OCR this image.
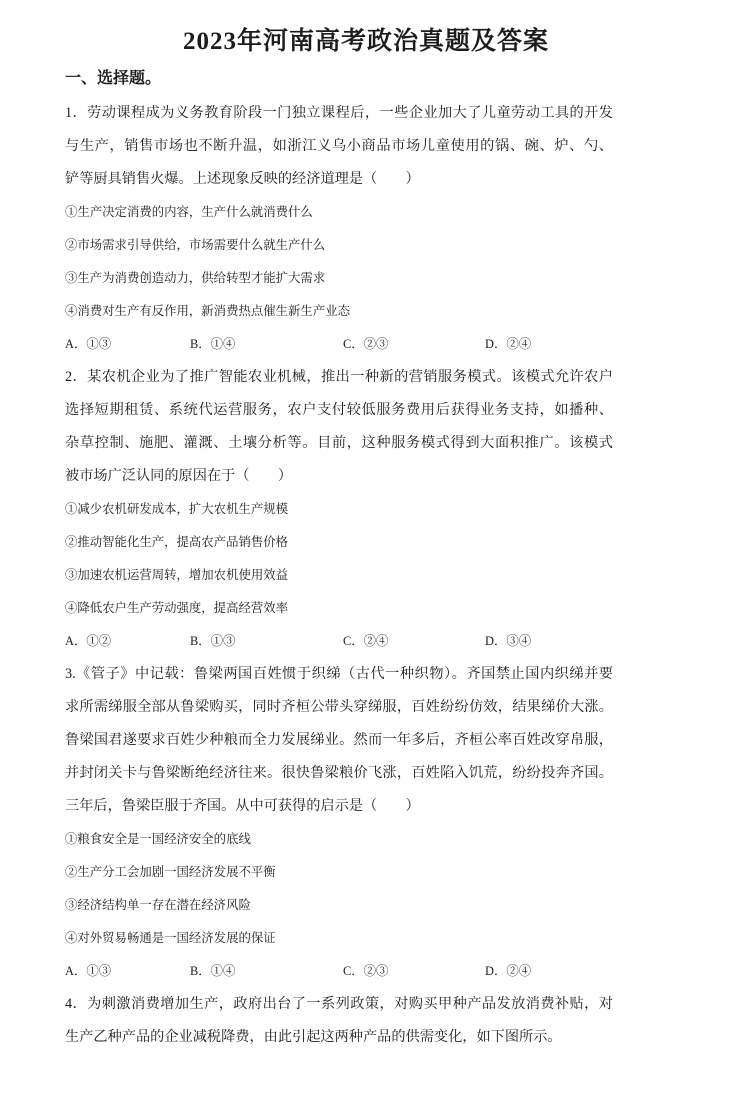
2023年河南高考政治真题及答案
一、选择题。
1．劳动课程成为义务教育阶段一门独立课程后，一些企业加大了儿童劳动工具的开发
与生产，销售市场也不断升温，如浙江义乌小商品市场儿童使用的锅、碗、炉、勺、
铲等厨具销售火爆。上述现象反映的经济道理是（　　）
①生产决定消费的内容，生产什么就消费什么
②市场需求引导供给，市场需要什么就生产什么
③生产为消费创造动力，供给转型才能扩大需求
④消费对生产有反作用，新消费热点催生新生产业态
A．①③	B．①④	C．②③	D．②④
2．某农机企业为了推广智能农业机械，推出一种新的营销服务模式。该模式允许农户
选择短期租赁、系统代运营服务，农户支付较低服务费用后获得业务支持，如播种、
杂草控制、施肥、灌溉、土壤分析等。目前，这种服务模式得到大面积推广。该模式
被市场广泛认同的原因在于（　　）
①减少农机研发成本，扩大农机生产规模
②推动智能化生产，提高农产品销售价格
③加速农机运营周转，增加农机使用效益
④降低农户生产劳动强度，提高经营效率
A．①②	B．①③	C．②④	D．③④
3.《管子》中记载：鲁梁两国百姓惯于织绨（古代一种织物）。齐国禁止国内织绨并要
求所需绨服全部从鲁梁购买，同时齐桓公带头穿绨服，百姓纷纷仿效，结果绨价大涨。
鲁梁国君遂要求百姓少种粮而全力发展绨业。然而一年多后，齐桓公率百姓改穿帛服，
并封闭关卡与鲁梁断绝经济往来。很快鲁梁粮价飞涨，百姓陷入饥荒，纷纷投奔齐国。
三年后，鲁梁臣服于齐国。从中可获得的启示是（　　）
①粮食安全是一国经济安全的底线
②生产分工会加剧一国经济发展不平衡
③经济结构单一存在潜在经济风险
④对外贸易畅通是一国经济发展的保证
A．①③	B．①④	C．②③	D．②④
4．为刺激消费增加生产，政府出台了一系列政策，对购买甲种产品发放消费补贴，对
生产乙种产品的企业减税降费，由此引起这两种产品的供需变化，如下图所示。
